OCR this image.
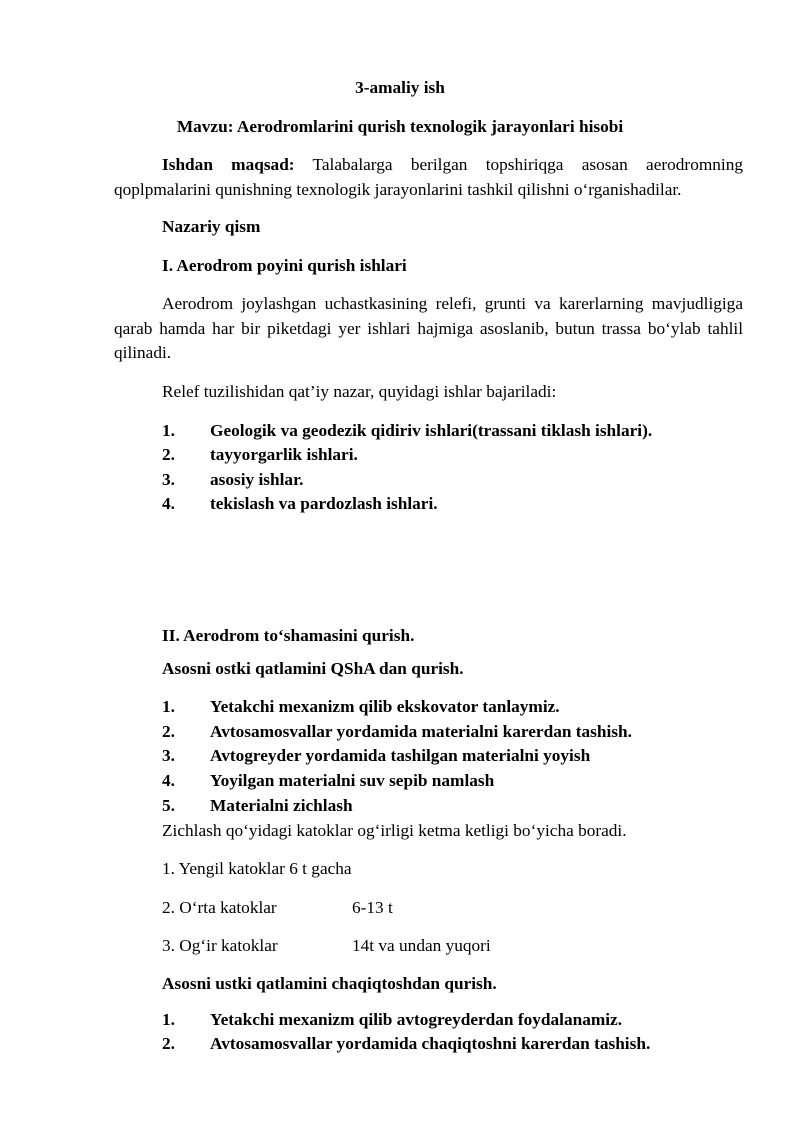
3-amaliy ish
Mavzu: Aerodromlarini qurish texnologik jarayonlari hisobi
Ishdan maqsad: Talabalarga berilgan topshiriqga asosan aerodromning qoplpmalarini qunishning texnologik jarayonlarini tashkil qilishni o‘rganishadilar.
Nazariy qism
I. Aerodrom poyini qurish ishlari
Aerodrom joylashgan uchastkasining relefi, grunti va karerlarning mavjudligiga qarab hamda har bir piketdagi yer ishlari hajmiga asoslanib, butun trassa bo‘ylab tahlil qilinadi.
Relef tuzilishidan qat’iy nazar, quyidagi ishlar bajariladi:
1. Geologik va geodezik qidiriv ishlari(trassani tiklash ishlari).
2. tayyorgarlik ishlari.
3. asosiy ishlar.
4. tekislash va pardozlash ishlari.
II. Aerodrom to‘shamasini qurish.
Asosni ostki qatlamini QShA dan qurish.
1. Yetakchi mexanizm qilib ekskovator tanlaymiz.
2. Avtosamosvallar yordamida materialni karerdan tashish.
3. Avtogreyder yordamida tashilgan materialni yoyish
4. Yoyilgan materialni suv sepib namlash
5. Materialni zichlash
Zichlash qo‘yidagi katoklar og‘irligi ketma ketligi bo‘yicha boradi.
1. Yengil katoklar 6 t gacha
2. O‘rta katoklar	6-13 t
3. Og‘ir katoklar	14t va undan yuqori
Asosni ustki qatlamini chaqiqtoshdan qurish.
1. Yetakchi mexanizm qilib avtogreyderdan foydalanamiz.
2. Avtosamosvallar yordamida chaqiqtoshni karerdan tashish.
